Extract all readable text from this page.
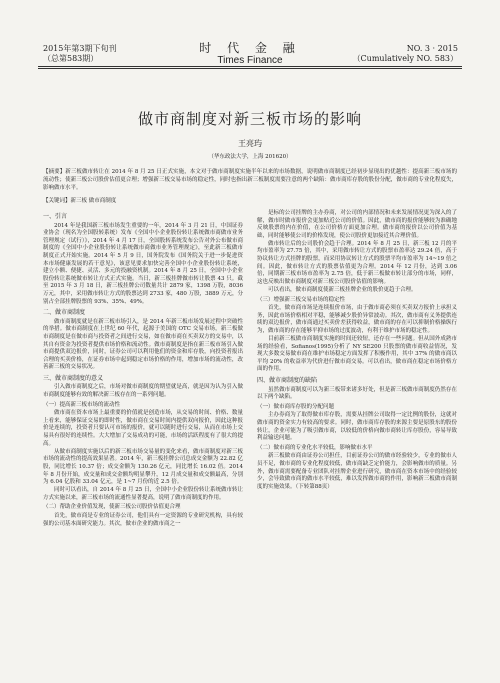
2015年第3期下旬刊
（总第583期）
时 代 金 融
Times Finance
NO. 3 · 2015
（Cumulatively NO. 583）
做市商制度对新三板市场的影响
王亮玙
（华东政法大学，上海 201620）
【摘要】新三板做市转让在 2014 年 8 月 25 日正式实施，本文对于做市商制度实施半年以来的市场数据，说明做市商制度已经初步显现出的优越性：提高新三板市场的流动性；使新三板公司股价估值更合理；增强新三板交易市场的稳定性，同时也指出新三板制度需要注意的两个缺陷：做市商库存股的股份分配，做市商的专业化程度失，影响做市水平。
【关键词】新三板 做市商制度
一、引言

2014 年是我国新三板市场发生重要的一年，2014 年 3 月 21 日，中国证券业协会（现名为全国股转系统）发布《全国中小企业股份转让系统做市商做市业务管理规定（试行）》，2014 年 4 月 17 日，全国股转系统发布公告对外公布做市商制度的《全国中小企业股份转让系统做市商做市业务管理规定》，至此新三板做市制度正式开始实施。2014 年 5 月 9 日，国务院发布《国务院关于进一步促进资本市场健康发展的若干意见》，该意见要求加快完善全国中小企业股份转让系统，建立小额、便捷、灵活、多元的投融资机制。2014 年 8 月 25 日，全国中小企业股份转让系统做市转让方式正式实施。当日，新三板挂牌做市转让股票 43 只。截至 2015 年 3 月 18 日，新三板挂牌公司数量共计 2879 家，1398 万股，8036 万元，其中，采用做市转让方式的股票达到 2733 家，480 万股，3889 万元，分别占全部挂牌股票的 93%、35%、49%。

二、做市商制度

做市商制度就是在新三板市场引入，是 2014 年新三板市场发展过程中突破性的举措。做市商制度在上世纪 60 年代，起源于美国的 OTC 交易市场，新三板做市商制度是在做市商与投资者之间进行交易，如在做市商在买卖双方的交易中，以其自有资金为投资者提供市场价格和流动性。做市商制度是指在新三板市场引入做市商提供双边报价，同时，证券公司可以利用他们的资金和库存股，向投资者报出合理的买卖价格，在证券市场中起到稳定市场价格的作用，增加市场的流动性，改善新三板的交易状况。

三、做市商制度的意义

引入做市商制度之后，市场对做市商制度的期望就是高，就是因为认为引入做市商制度能够有效的解决新三板存在的一系列问题。

（一）提高新三板市场的流动性

做市商在资本市场上最重要的价值就是创造市场，从交易的时间、价格、数量上看来，能够保证交易的即时性，做市商在交易时间内提供双向报价，因此这种报价是连续的，投资者只要认可市场的报价，就可以随时进行交易，从而在市场上交易具有很好的连续性。大大增加了交易成功的可能，市场的活跃程度有了很大的提高。

从做市商制度实施以后的新三板市场交易量的变化来看，做市商制度对新三板市场的流动性的提高效果显著。2014 年，新三板挂牌公司总成交金额为 22.82 亿股，同比增长 10.37 倍；成交金额为 130.26 亿元，同比增长 16.02 倍。2014 年 8 月份开始，成交量和成交金额均明显攀升，12 月成交量和成交额最高，分别为 6.04 亿股和 33.04 亿元，是 1~7 月份的近 2.5 倍。

同时可以看出，自 2014 年 8 月 25 日，全国中小企业股份转让系统做市转让方式实施以来，新三板市场的流通性显著提高，说明了做市商制度的作用。

（二）帮助企业价值发现，使新三板公司股价估值更合理

首先，做市商是专业的证券公司，他们具有一定资源的专业研究机构，具有较强的公司基本面研究能力。其次，做市企业的做市商之一

是标的公司挂牌的主办券商，对公司的内部情况和未来发展情况更为深入的了解，做市时做市报价会更加贴近公司的价值。因此，做市商的报价能够较为准确地反映股票的内在价值，在公司价格方面更加合理。做市商的报价以公司价值为基础，同时能够使公司的价格发现，使公司股价更加接近其合理价值。

做市转让后的公司股价会趋于合理。2014 年 8 月 25 日，新三板 12 月的平均市盈率为 27.75 倍，其中，采用做市转让方式的股票市盈率达 29.24 倍，高于协议转让方式挂牌的股票，而采用协议转让方式的股票平均市盈率为 14~19 倍之间。因此，做市转让方式的股票估值更为合理。2014 年 12 月份，达到 3.06 倍，同期新三板市场市盈率为 2.75 倍，低于新三板做市转让部分的市场，同样，这也反映出做市商制度对新三板公司股价估值的影响。

可以看出，做市商制度使新三板挂牌企业的股价更趋于合理。

（三）增强新三板交易市场的稳定性

首先，做市商市场是连续报价市场，由于做市商必须在买卖双方报价上承担义务，因此市场价格相对平稳，能够减少股价异常波动。其次，做市商有义务提供连续的双边报价，做市商通过买卖价差获得收益，做市商的存在可以抑制价格操纵行为，做市商的存在能够平抑市场的过度波动，有利于维护市场的稳定性。

目前新三板做市商制度实施的时间还较短，还存在一些问题。但从国外成熟市场的经验看，Sofianos(1995)分析了 NY SE200 只股票的做市商收益情况，发现大多数交易做市商在维护市场稳定方面发挥了积极作用，其中 37% 的做市商以平均 20% 的收益率为代价进行做市商交易。可以看出，做市商在稳定市场价格方面的作用。

四、做市商制度的缺陷

虽然做市商制度可以为新三板带来诸多好处，但是新三板做市商制度仍然存在以下两个缺陷。

（一）做市商库存股的分配问题

主办券商为了取得做市库存股，需要从挂牌公司取得一定比例的股份，这就对做市商的资金实力有较高的要求。同时，做市商库存股的来源主要是原股东的股份转让，企业可能为了吸引做市商，以较低的价格向做市商转让库存股份，容易导致利益输送问题。

（二）做市商的专业化水平较低，影响做市水平

新三板做市商由证券公司担任，目前证券公司的做市经验较少，专业的做市人员不足，做市商的专业化程度较低，做市商缺乏定价能力，会影响做市的质量。另外，做市商需要配备专业团队对挂牌企业进行研究，做市商在资本市场中的经验较少，会导致做市商的做市水平较低，难以发挥做市商的作用，影响新三板做市商制度的实施效果。（下转第88页）
